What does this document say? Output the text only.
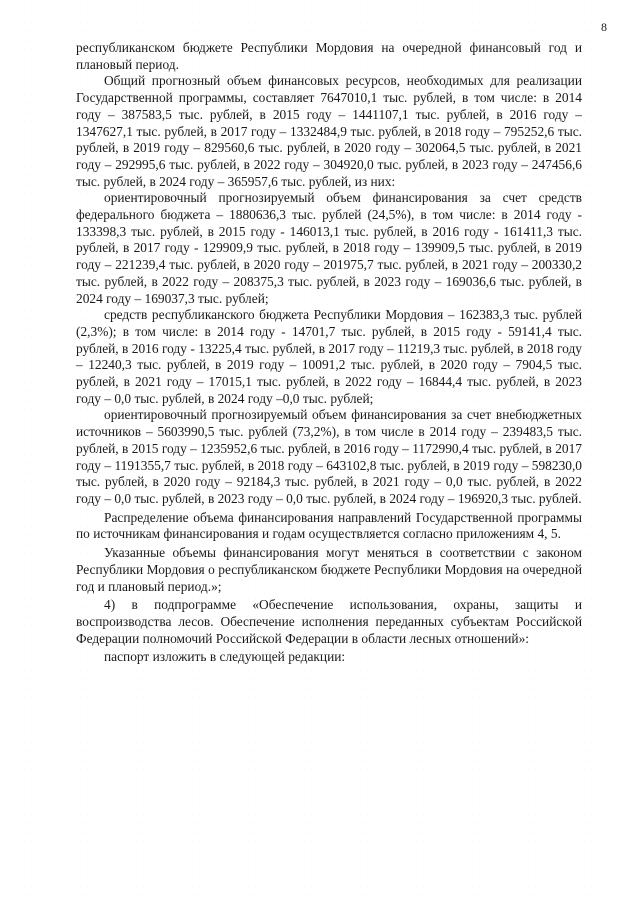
8

республиканском бюджете Республики Мордовия на очередной финансовый год и плановый период.

Общий прогнозный объем финансовых ресурсов, необходимых для реализации Государственной программы, составляет 7647010,1 тыс. рублей, в том числе: в 2014 году – 387583,5 тыс. рублей, в 2015 году – 1441107,1 тыс. рублей, в 2016 году – 1347627,1 тыс. рублей, в 2017 году – 1332484,9 тыс. рублей, в 2018 году – 795252,6 тыс. рублей, в 2019 году – 829560,6 тыс. рублей, в 2020 году – 302064,5 тыс. рублей, в 2021 году – 292995,6 тыс. рублей, в 2022 году – 304920,0 тыс. рублей, в 2023 году – 247456,6 тыс. рублей, в 2024 году – 365957,6 тыс. рублей, из них:

ориентировочный прогнозируемый объем финансирования за счет средств федерального бюджета – 1880636,3 тыс. рублей (24,5%), в том числе: в 2014 году - 133398,3 тыс. рублей, в 2015 году - 146013,1 тыс. рублей, в 2016 году - 161411,3 тыс. рублей, в 2017 году - 129909,9 тыс. рублей, в 2018 году – 139909,5 тыс. рублей, в 2019 году – 221239,4 тыс. рублей, в 2020 году – 201975,7 тыс. рублей, в 2021 году – 200330,2 тыс. рублей, в 2022 году – 208375,3 тыс. рублей, в 2023 году – 169036,6 тыс. рублей, в 2024 году – 169037,3 тыс. рублей;

средств республиканского бюджета Республики Мордовия – 162383,3 тыс. рублей (2,3%); в том числе: в 2014 году - 14701,7 тыс. рублей, в 2015 году - 59141,4 тыс. рублей, в 2016 году - 13225,4 тыс. рублей, в 2017 году – 11219,3 тыс. рублей, в 2018 году – 12240,3 тыс. рублей, в 2019 году – 10091,2 тыс. рублей, в 2020 году – 7904,5 тыс. рублей, в 2021 году – 17015,1 тыс. рублей, в 2022 году – 16844,4 тыс. рублей, в 2023 году – 0,0 тыс. рублей, в 2024 году –0,0 тыс. рублей;

ориентировочный прогнозируемый объем финансирования за счет внебюджетных источников – 5603990,5 тыс. рублей (73,2%), в том числе в 2014 году – 239483,5 тыс. рублей, в 2015 году – 1235952,6 тыс. рублей, в 2016 году – 1172990,4 тыс. рублей, в 2017 году – 1191355,7 тыс. рублей, в 2018 году – 643102,8 тыс. рублей, в 2019 году – 598230,0 тыс. рублей, в 2020 году – 92184,3 тыс. рублей, в 2021 году – 0,0 тыс. рублей, в 2022 году – 0,0 тыс. рублей, в 2023 году – 0,0 тыс. рублей, в 2024 году – 196920,3 тыс. рублей.

Распределение объема финансирования направлений Государственной программы по источникам финансирования и годам осуществляется согласно приложениям 4, 5.

Указанные объемы финансирования могут меняться в соответствии с законом Республики Мордовия о республиканском бюджете Республики Мордовия на очередной год и плановый период.»;

4) в подпрограмме «Обеспечение использования, охраны, защиты и воспроизводства лесов. Обеспечение исполнения переданных субъектам Российской Федерации полномочий Российской Федерации в области лесных отношений»:

паспорт изложить в следующей редакции:
